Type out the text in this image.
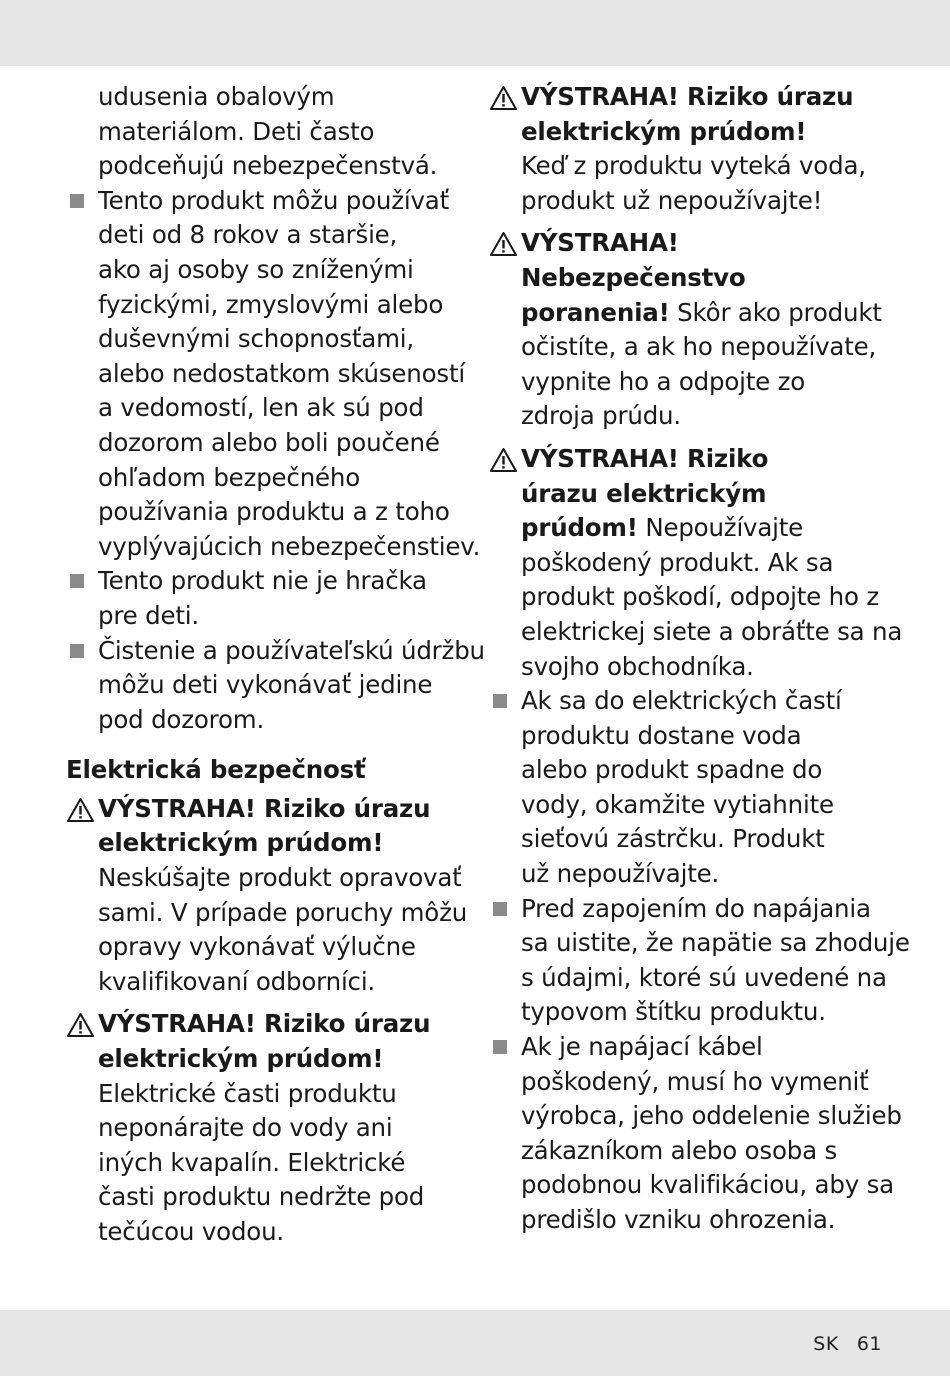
udusenia obalovým
materiálom. Deti často
podceňujú nebezpečenstvá.
Tento produkt môžu používať
deti od 8 rokov a staršie,
ako aj osoby so zníženými
fyzickými, zmyslovými alebo
duševnými schopnosťami,
alebo nedostatkom skúseností
a vedomostí, len ak sú pod
dozorom alebo boli poučené
ohľadom bezpečného
používania produktu a z toho
vyplývajúcich nebezpečenstiev.
Tento produkt nie je hračka
pre deti.
Čistenie a používateľskú údržbu
môžu deti vykonávať jedine
pod dozorom.
Elektrická bezpečnosť
VÝSTRAHA! Riziko úrazu
elektrickým prúdom!
Neskúšajte produkt opravovať
sami. V prípade poruchy môžu
opravy vykonávať výlučne
kvalifikovaní odborníci.
VÝSTRAHA! Riziko úrazu
elektrickým prúdom!
Elektrické časti produktu
neponárajte do vody ani
iných kvapalín. Elektrické
časti produktu nedržte pod
tečúcou vodou.
VÝSTRAHA! Riziko úrazu
elektrickým prúdom!
Keď z produktu vyteká voda,
produkt už nepoužívajte!
VÝSTRAHA!
Nebezpečenstvo
poranenia! Skôr ako produkt
očistíte, a ak ho nepoužívate,
vypnite ho a odpojte zo
zdroja prúdu.
VÝSTRAHA! Riziko
úrazu elektrickým
prúdom! Nepoužívajte
poškodený produkt. Ak sa
produkt poškodí, odpojte ho z
elektrickej siete a obráťte sa na
svojho obchodníka.
Ak sa do elektrických častí
produktu dostane voda
alebo produkt spadne do
vody, okamžite vytiahnite
sieťovú zástrčku. Produkt
už nepoužívajte.
Pred zapojením do napájania
sa uistite, že napätie sa zhoduje
s údajmi, ktoré sú uvedené na
typovom štítku produktu.
Ak je napájací kábel
poškodený, musí ho vymeniť
výrobca, jeho oddelenie služieb
zákazníkom alebo osoba s
podobnou kvalifikáciou, aby sa
predišlo vzniku ohrozenia.
SK 61
